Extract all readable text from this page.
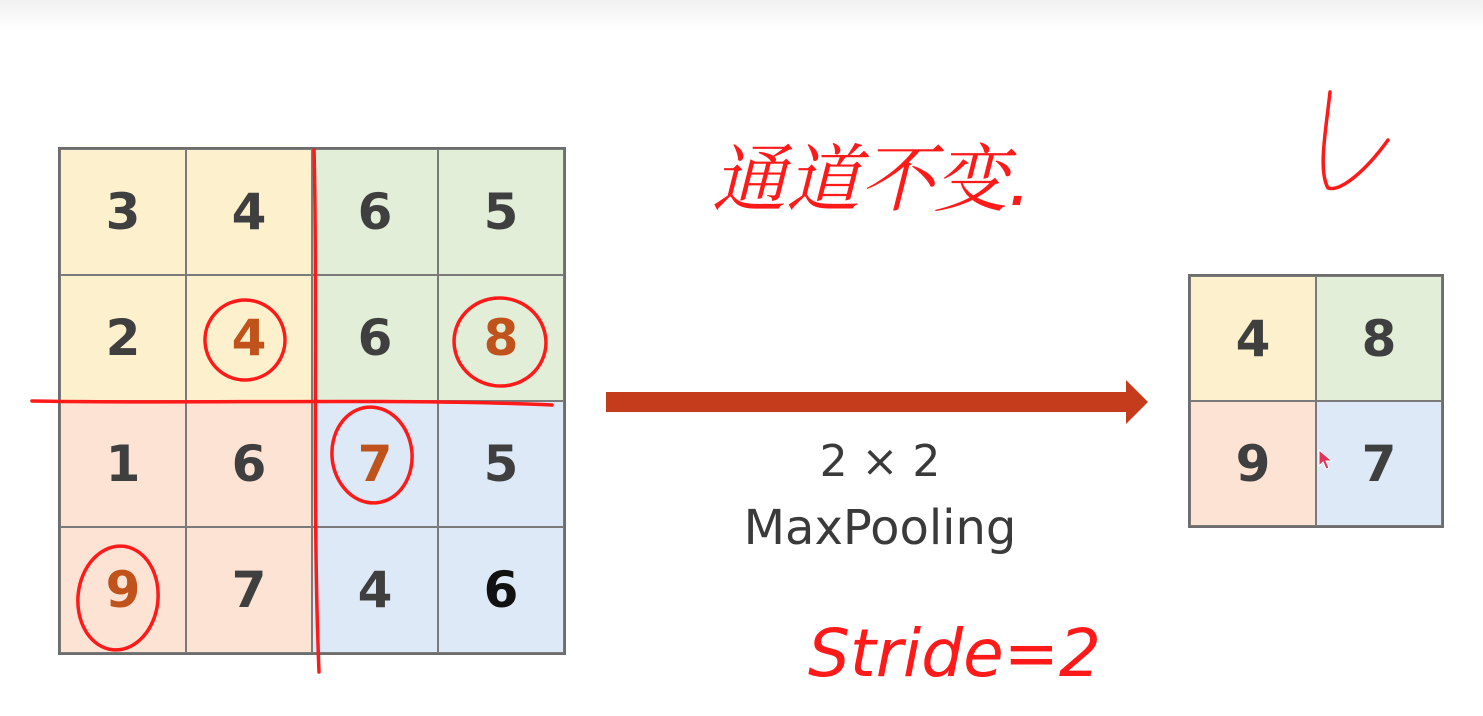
3	4	6	5
2	4	6	8
1	6	7	5
9	7	4	6
2 × 2
MaxPooling
4	8
9	7
通道不变.
Stride=2
